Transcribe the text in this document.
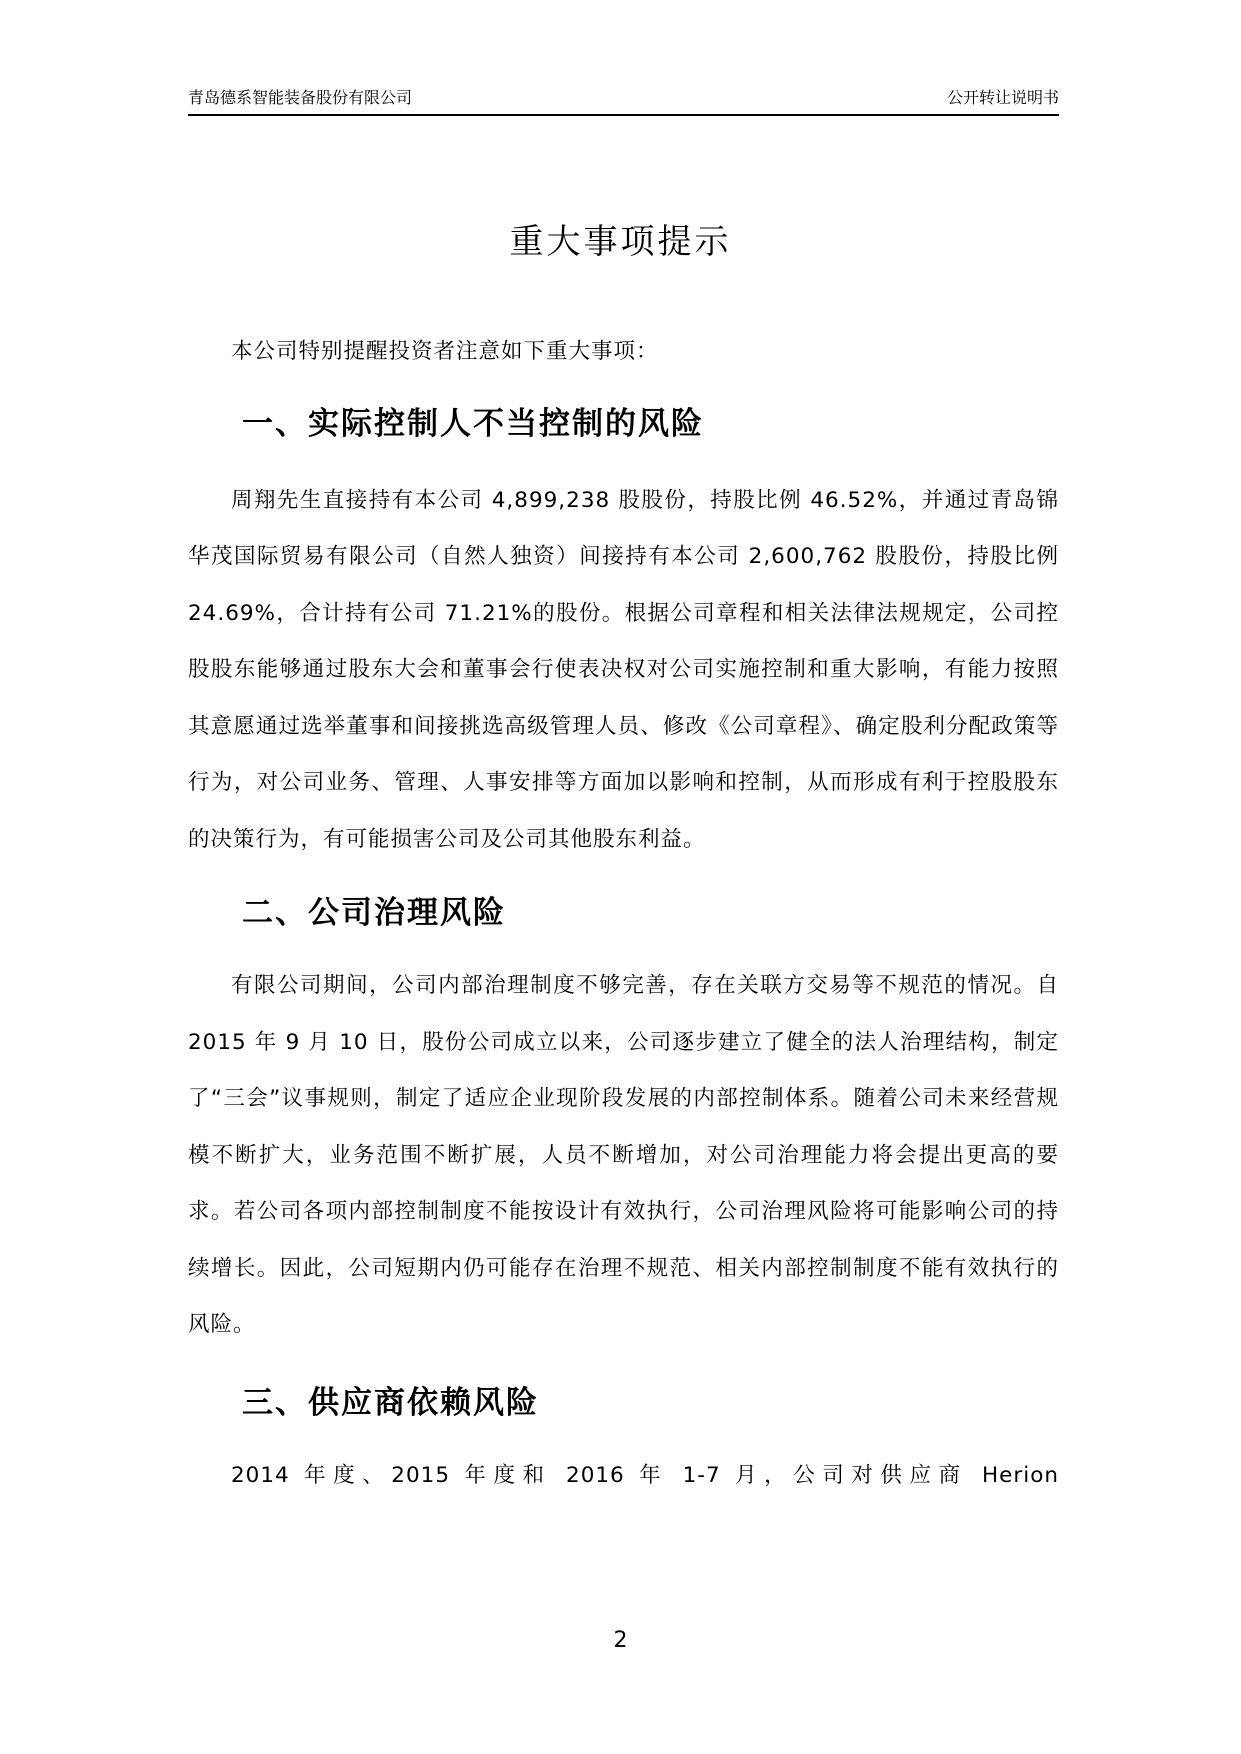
青岛德系智能装备股份有限公司	公开转让说明书
重大事项提示

本公司特别提醒投资者注意如下重大事项：

一、实际控制人不当控制的风险

周翔先生直接持有本公司 4,899,238 股股份，持股比例 46.52%，并通过青岛锦华茂国际贸易有限公司（自然人独资）间接持有本公司 2,600,762 股股份，持股比例 24.69%，合计持有公司 71.21%的股份。根据公司章程和相关法律法规规定，公司控股股东能够通过股东大会和董事会行使表决权对公司实施控制和重大影响，有能力按照其意愿通过选举董事和间接挑选高级管理人员、修改《公司章程》、确定股利分配政策等行为，对公司业务、管理、人事安排等方面加以影响和控制，从而形成有利于控股股东的决策行为，有可能损害公司及公司其他股东利益。

二、公司治理风险

有限公司期间，公司内部治理制度不够完善，存在关联方交易等不规范的情况。自 2015 年 9 月 10 日，股份公司成立以来，公司逐步建立了健全的法人治理结构，制定了“三会”议事规则，制定了适应企业现阶段发展的内部控制体系。随着公司未来经营规模不断扩大，业务范围不断扩展，人员不断增加，对公司治理能力将会提出更高的要求。若公司各项内部控制制度不能按设计有效执行，公司治理风险将可能影响公司的持续增长。因此，公司短期内仍可能存在治理不规范、相关内部控制制度不能有效执行的风险。

三、供应商依赖风险

2014 年度、2015 年度和 2016 年 1-7 月，公司对供应商 Herion

2
